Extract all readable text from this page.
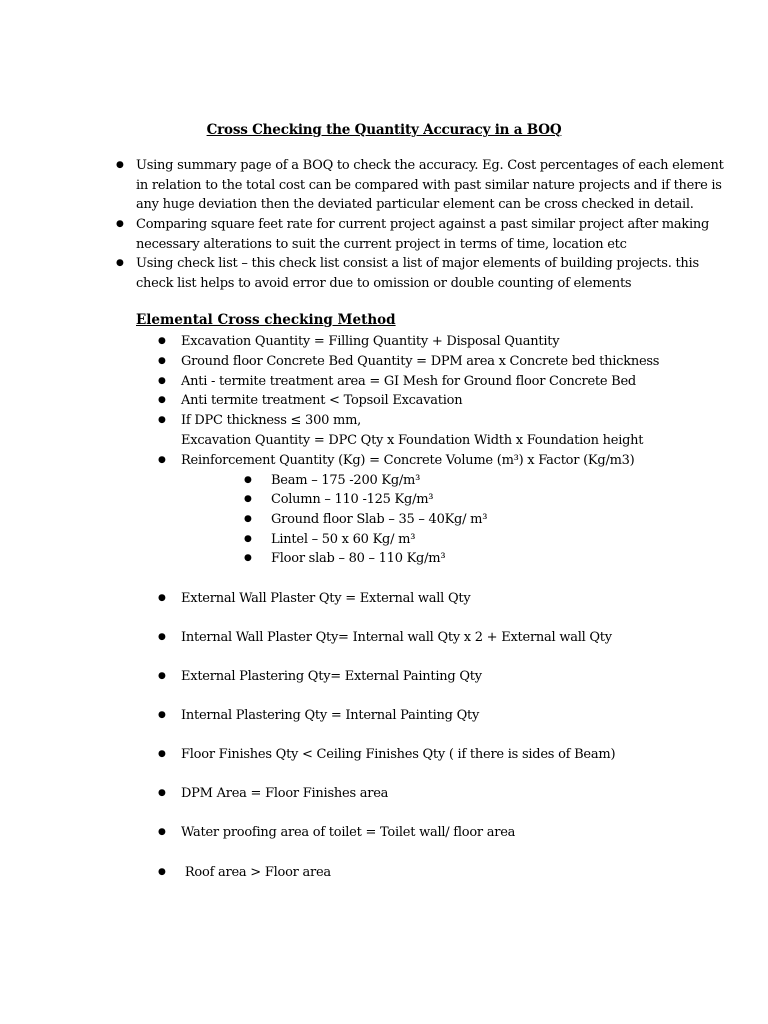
Cross Checking the Quantity Accuracy in a BOQ
● Using summary page of a BOQ to check the accuracy. Eg. Cost percentages of each element
in relation to the total cost can be compared with past similar nature projects and if there is
any huge deviation then the deviated particular element can be cross checked in detail.
● Comparing square feet rate for current project against a past similar project after making
necessary alterations to suit the current project in terms of time, location etc
● Using check list – this check list consist a list of major elements of building projects. this
check list helps to avoid error due to omission or double counting of elements
Elemental Cross checking Method
● Excavation Quantity = Filling Quantity + Disposal Quantity
● Ground floor Concrete Bed Quantity = DPM area x Concrete bed thickness
● Anti - termite treatment area = GI Mesh for Ground floor Concrete Bed
● Anti termite treatment < Topsoil Excavation
● If DPC thickness ≤ 300 mm,
Excavation Quantity = DPC Qty x Foundation Width x Foundation height
● Reinforcement Quantity (Kg) = Concrete Volume (m³) x Factor (Kg/m3)
● Beam – 175 -200 Kg/m³
● Column – 110 -125 Kg/m³
● Ground floor Slab – 35 – 40Kg/ m³
● Lintel – 50 x 60 Kg/ m³
● Floor slab – 80 – 110 Kg/m³
● External Wall Plaster Qty = External wall Qty
● Internal Wall Plaster Qty= Internal wall Qty x 2 + External wall Qty
● External Plastering Qty= External Painting Qty
● Internal Plastering Qty = Internal Painting Qty
● Floor Finishes Qty < Ceiling Finishes Qty ( if there is sides of Beam)
● DPM Area = Floor Finishes area
● Water proofing area of toilet = Toilet wall/ floor area
● Roof area > Floor area
